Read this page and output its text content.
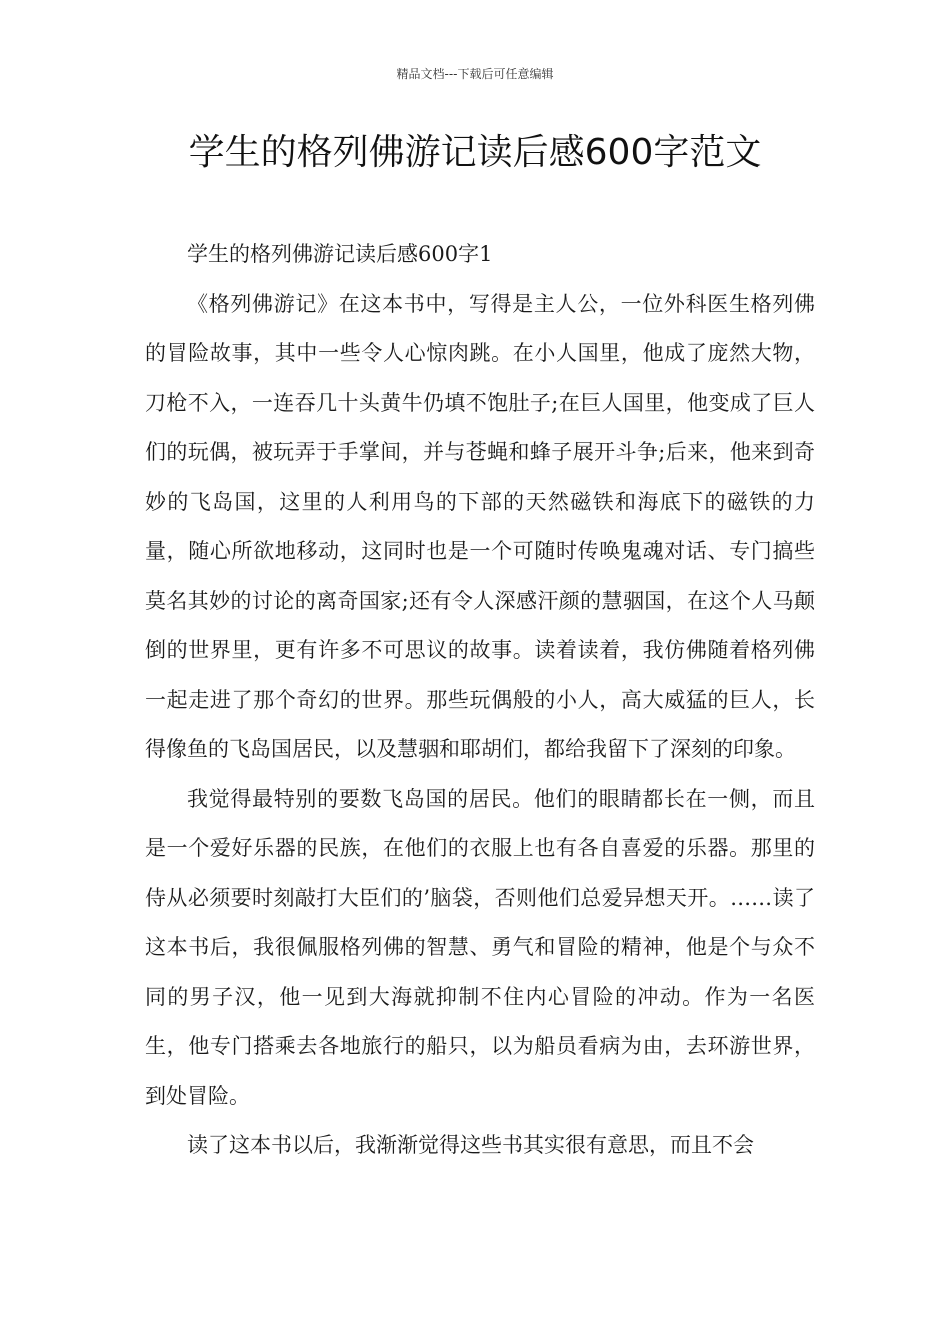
精品文档---下载后可任意编辑
学生的格列佛游记读后感600字范文

学生的格列佛游记读后感600字1

《格列佛游记》在这本书中，写得是主人公，一位外科医生格列佛的冒险故事，其中一些令人心惊肉跳。在小人国里，他成了庞然大物，刀枪不入，一连吞几十头黄牛仍填不饱肚子;在巨人国里，他变成了巨人们的玩偶，被玩弄于手掌间，并与苍蝇和蜂子展开斗争;后来，他来到奇妙的飞岛国，这里的人利用鸟的下部的天然磁铁和海底下的磁铁的力量，随心所欲地移动，这同时也是一个可随时传唤鬼魂对话、专门搞些莫名其妙的讨论的离奇国家;还有令人深感汗颜的慧骃国，在这个人马颠倒的世界里，更有许多不可思议的故事。读着读着，我仿佛随着格列佛一起走进了那个奇幻的世界。那些玩偶般的小人，高大威猛的巨人，长得像鱼的飞岛国居民，以及慧骃和耶胡们，都给我留下了深刻的印象。

我觉得最特别的要数飞岛国的居民。他们的眼睛都长在一侧，而且是一个爱好乐器的民族，在他们的衣服上也有各自喜爱的乐器。那里的侍从必须要时刻敲打大臣们的’脑袋，否则他们总爱异想天开。……读了这本书后，我很佩服格列佛的智慧、勇气和冒险的精神，他是个与众不同的男子汉，他一见到大海就抑制不住内心冒险的冲动。作为一名医生，他专门搭乘去各地旅行的船只，以为船员看病为由，去环游世界，到处冒险。

读了这本书以后，我渐渐觉得这些书其实很有意思，而且不会
